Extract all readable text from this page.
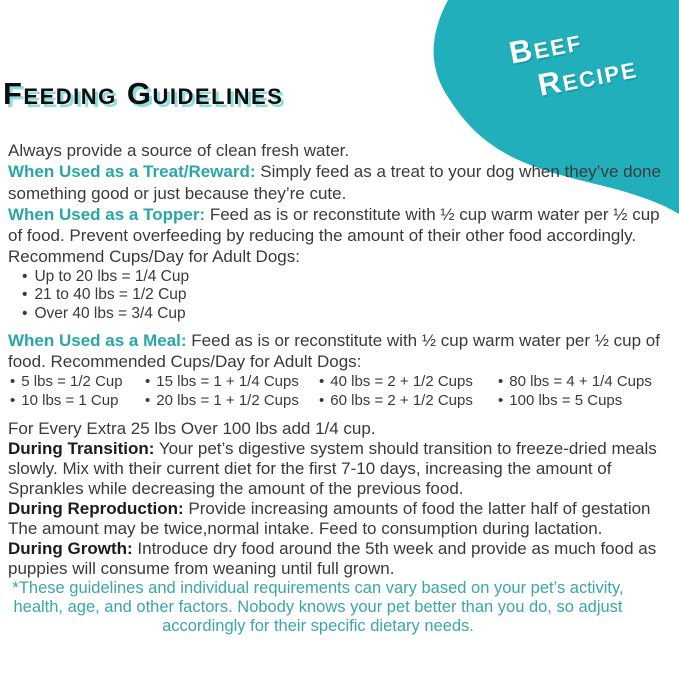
Beef
Recipe
Feeding Guidelines

Always provide a source of clean fresh water.

When Used as a Treat/Reward: Simply feed as a treat to your dog when they’ve done something good or just because they’re cute.

When Used as a Topper: Feed as is or reconstitute with ½ cup warm water per ½ cup of food. Prevent overfeeding by reducing the amount of their other food accordingly. Recommend Cups/Day for Adult Dogs:

• Up to 20 lbs = 1/4 Cup
• 21 to 40 lbs = 1/2 Cup
• Over 40 lbs = 3/4 Cup

When Used as a Meal: Feed as is or reconstitute with ½ cup warm water per ½ cup of food. Recommended Cups/Day for Adult Dogs:

• 5 lbs = 1/2 Cup
• 10 lbs = 1 Cup
• 15 lbs = 1 + 1/4 Cups
• 20 lbs = 1 + 1/2 Cups
• 40 lbs = 2 + 1/2 Cups
• 60 lbs = 2 + 1/2 Cups
• 80 lbs = 4 + 1/4 Cups
• 100 lbs = 5 Cups

For Every Extra 25 lbs Over 100 lbs add 1/4 cup.

During Transition: Your pet’s digestive system should transition to freeze-dried meals slowly. Mix with their current diet for the first 7-10 days, increasing the amount of Sprankles while decreasing the amount of the previous food.

During Reproduction: Provide increasing amounts of food the latter half of gestation The amount may be twice,normal intake. Feed to consumption during lactation.

During Growth: Introduce dry food around the 5th week and provide as much food as puppies will consume from weaning until full grown.

*These guidelines and individual requirements can vary based on your pet’s activity, health, age, and other factors. Nobody knows your pet better than you do, so adjust accordingly for their specific dietary needs.
